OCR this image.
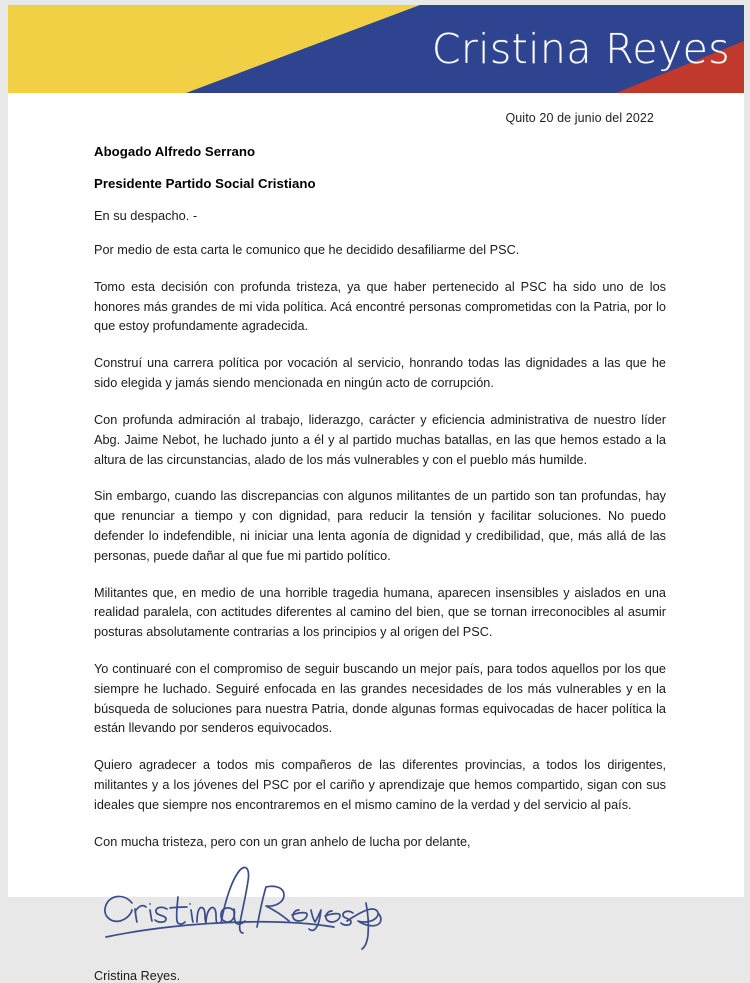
Cristina Reyes
Quito 20 de junio del 2022
Abogado Alfredo Serrano
Presidente Partido Social Cristiano
En su despacho. -

Por medio de esta carta le comunico que he decidido desafiliarme del PSC.

Tomo esta decisión con profunda tristeza, ya que haber pertenecido al PSC ha sido uno de los honores más grandes de mi vida política. Acá encontré personas comprometidas con la Patria, por lo que estoy profundamente agradecida.

Construí una carrera política por vocación al servicio, honrando todas las dignidades a las que he sido elegida y jamás siendo mencionada en ningún acto de corrupción.

Con profunda admiración al trabajo, liderazgo, carácter y eficiencia administrativa de nuestro líder Abg. Jaime Nebot, he luchado junto a él y al partido muchas batallas, en las que hemos estado a la altura de las circunstancias, alado de los más vulnerables y con el pueblo más humilde.

Sin embargo, cuando las discrepancias con algunos militantes de un partido son tan profundas, hay que renunciar a tiempo y con dignidad, para reducir la tensión y facilitar soluciones. No puedo defender lo indefendible, ni iniciar una lenta agonía de dignidad y credibilidad, que, más allá de las personas, puede dañar al que fue mi partido político.

Militantes que, en medio de una horrible tragedia humana, aparecen insensibles y aislados en una realidad paralela, con actitudes diferentes al camino del bien, que se tornan irreconocibles al asumir posturas absolutamente contrarias a los principios y al origen del PSC.

Yo continuaré con el compromiso de seguir buscando un mejor país, para todos aquellos por los que siempre he luchado. Seguiré enfocada en las grandes necesidades de los más vulnerables y en la búsqueda de soluciones para nuestra Patria, donde algunas formas equivocadas de hacer política la están llevando por senderos equivocados.

Quiero agradecer a todos mis compañeros de las diferentes provincias, a todos los dirigentes, militantes y a los jóvenes del PSC por el cariño y aprendizaje que hemos compartido, sigan con sus ideales que siempre nos encontraremos en el mismo camino de la verdad y del servicio al país.

Con mucha tristeza, pero con un gran anhelo de lucha por delante,

Cristina Reyes.
